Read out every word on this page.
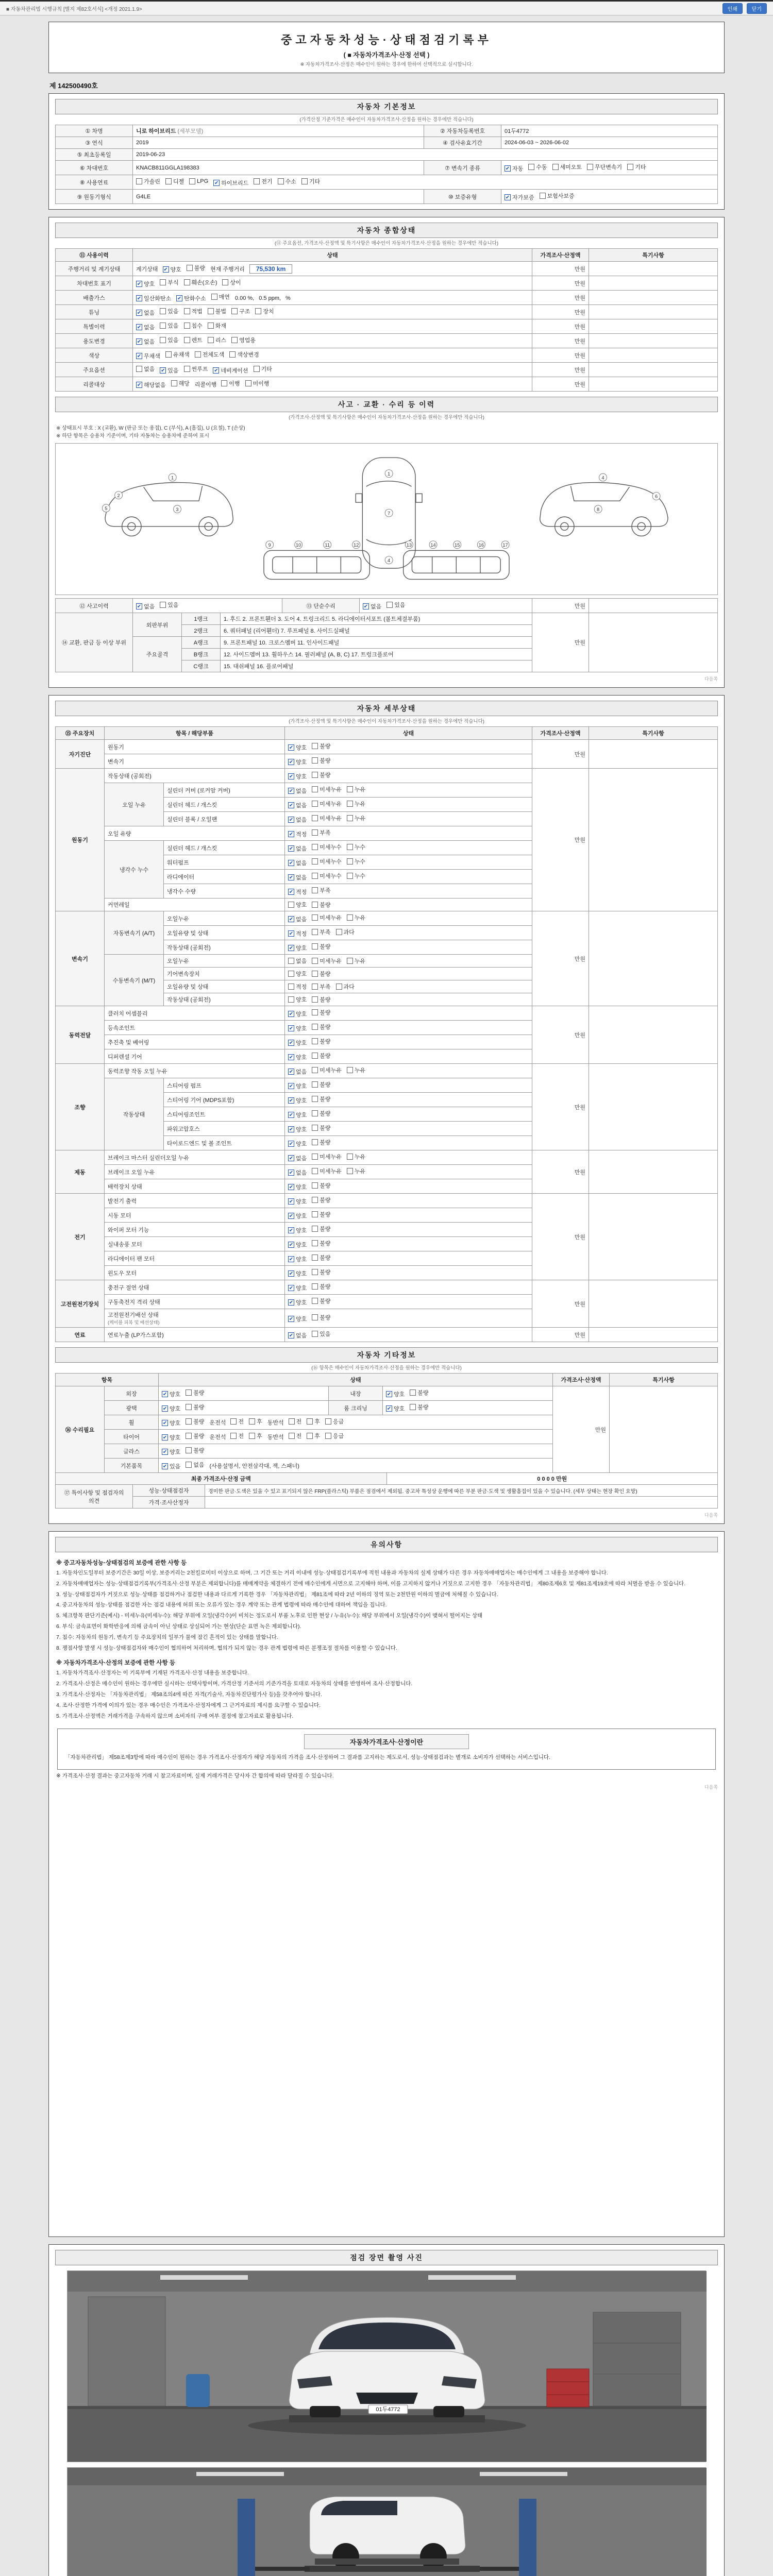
■ 자동차관리법 시행규칙 [별지 제82호서식] <개정 2021.1.9>	인쇄	닫기
중고자동차성능·상태점검기록부
( ■ 자동차가격조사·산정 선택 )
※ 자동차가격조사·산정은 매수인이 원하는 경우에 한하여 선택적으로 실시합니다.
제 142500490호
자동차 기본정보
(가격산정 기준가격은 매수인이 자동차가격조사·산정을 원하는 경우에만 적습니다)
① 차명	니로 하이브리드 (세부모델)	② 자동차등록번호	01두4772
③ 연식	2019	④ 검사유효기간	2024-06-03 ~ 2026-06-02
⑤ 최초등록일	2019-06-23		
⑥ 차대번호	KNACB811GGLA198383	⑦ 변속기 종류	✔ 자동 수동 세미오토 무단변속기 기타

⑧ 사용연료	가솔린 디젤 LPG ✔ 하이브리드 전기 수소 기타

⑨ 원동기형식	G4LE	⑩ 보증유형	✔ 자가보증 보험사보증
자동차 종합상태
(⑪ 주요옵션, 가격조사·산정액 및 특기사항은 매수인이 자동차가격조사·산정을 원하는 경우에만 적습니다)
⑪ 사용이력	상태	가격조사·산정액	특기사항
주행거리 및 계기상태	계기상태 ✔ 양호 불량 현재 주행거리 75,530 km	만원	
차대번호 표기	✔ 양호 부식 훼손(오손) 상이	만원	
배출가스	✔ 일산화탄소 ✔ 탄화수소 매연 0.00 %, 0.5 ppm, %	만원	
튜닝	✔ 없음 있음 적법 불법 구조 장치	만원	
특별이력	✔ 없음 있음 침수 화재	만원	
용도변경	✔ 없음 있음 렌트 리스 영업용	만원	
색상	✔ 무채색 유채색 전체도색 색상변경	만원	
주요옵션	없음 ✔ 있음 썬루프 ✔ 네비게이션 기타	만원	
리콜대상	✔ 해당없음 해당 리콜이행 이행 미이행	만원	
사고 · 교환 · 수리 등 이력
(가격조사·산정액 및 특기사항은 매수인이 자동차가격조사·산정을 원하는 경우에만 적습니다)
※ 상태표시 부호 : X (교환), W (판금 또는 용접), C (부식), A (흠집), U (요철), T (손상)
※ 하단 항목은 승용차 기준이며, 기타 자동차는 승용차에 준하여 표시
1
2
3
5
1
7
4
4
6
8
9	10	11	12	13	14	15	16	17
⑫ 사고이력	✔ 없음 있음	⑬ 단순수리	✔ 없음 있음	만원	
⑭ 교환, 판금 등 이상 부위	외판부위	1랭크	1. 후드 2. 프론트휀더 3. 도어 4. 트렁크리드 5. 라디에이터서포트 (볼트체결부품)	만원	
		2랭크	6. 쿼터패널 (리어휀더) 7. 루프패널 8. 사이드실패널		
	주요골격	A랭크	9. 프론트패널 10. 크로스멤버 11. 인사이드패널		
		B랭크	12. 사이드멤버 13. 휠하우스 14. 필러패널 (A, B, C) 17. 트렁크플로어		
		C랭크	15. 대쉬패널 16. 플로어패널		
다음쪽
자동차 세부상태
(가격조사·산정액 및 특기사항은 매수인이 자동차가격조사·산정을 원하는 경우에만 적습니다)
⑮ 주요장치	항목 / 해당부품		상태	가격조사·산정액	특기사항
자기진단	원동기		✔ 양호 불량	만원	
	변속기		✔ 양호 불량		

원동기	작동상태 (공회전)		✔ 양호 불량	만원	
	오일 누유	실린더 커버 (로커암 커버)	✔ 없음 미세누유 누유		

		실린더 헤드 / 개스킷	✔ 없음 미세누유 누유		

		실린더 블록 / 오일팬	✔ 없음 미세누유 누유		

	오일 유량		✔ 적정 부족		

	냉각수 누수	실린더 헤드 / 개스킷	✔ 없음 미세누수 누수		

		워터펌프	✔ 없음 미세누수 누수		

		라디에이터	✔ 없음 미세누수 누수		

		냉각수 수량	✔ 적정 부족		

	커먼레일		양호 불량		

변속기	자동변속기 (A/T)	오일누유	✔ 없음 미세누유 누유	만원	
		오일유량 및 상태	✔ 적정 부족 과다		

		작동상태 (공회전)	✔ 양호 불량		

	수동변속기 (M/T)	오일누유	없음 미세누유 누유		

		기어변속장치	양호 불량		

		오일유량 및 상태	적정 부족 과다		

		작동상태 (공회전)	양호 불량		

동력전달	클러치 어셈블리		✔ 양호 불량	만원	
	등속조인트		✔ 양호 불량		

	추진축 및 베어링		✔ 양호 불량		

	디퍼렌셜 기어		✔ 양호 불량		

조향	동력조향 작동 오일 누유		✔ 없음 미세누유 누유	만원	
	작동상태	스티어링 펌프	✔ 양호 불량		

		스티어링 기어 (MDPS포함)	✔ 양호 불량		

		스티어링조인트	✔ 양호 불량		

		파워고압호스	✔ 양호 불량		

		타이로드엔드 및 볼 조인트	✔ 양호 불량		

제동	브레이크 마스터 실린더오일 누유		✔ 없음 미세누유 누유	만원	
	브레이크 오일 누유		✔ 없음 미세누유 누유		

	배력장치 상태		✔ 양호 불량		

전기	발전기 출력		✔ 양호 불량	만원	
	시동 모터		✔ 양호 불량		

	와이퍼 모터 기능		✔ 양호 불량		

	실내송풍 모터		✔ 양호 불량		

	라디에이터 팬 모터		✔ 양호 불량		

	윈도우 모터		✔ 양호 불량		

고전원전기장치	충전구 절연 상태		✔ 양호 불량	만원	
	구동축전지 격리 상태		✔ 양호 불량		

	고전원전기배선 상태
(케이블 피복 및 배선상태)		✔ 양호 불량		

연료	연료누출 (LP가스포함)		✔ 없음 있음	만원	
자동차 기타정보
(⑯ 항목은 매수인이 자동차가격조사·산정을 원하는 경우에만 적습니다)
항목		상태			가격조사·산정액	특기사항
⑯ 수리필요	외장	✔ 양호 불량	내장	✔ 양호 불량	만원	
	광택	✔ 양호 불량	룸 크리닝	✔ 양호 불량		

휠	✔ 양호 불량 운전석 전 후 동반석 전 후 응급

타이어	✔ 양호 불량 운전석 전 후 동반석 전 후 응급

	글라스	✔ 양호 불량				

	기본품목	✔ 있음 없음 (사용설명서, 안전삼각대, 잭, 스패너)				
최종 가격조사·산정 금액	0 0 0 0 만원
⑰ 특이사항 및 점검자의 의견	성능·상태점검자	경미한 판금·도색은 있을 수 있고 표기되지 않은 FRP(플라스틱) 부품은 점검에서 제외됨. 중고차 특성상 운행에 따른 부분 판금·도색 및 생활흠집이 있을 수 있습니다. (세부 상태는 현장 확인 요망)
	가격·조사산정자	
다음쪽
유의사항
※ 중고자동차성능·상태점검의 보증에 관한 사항 등
1. 자동차인도일부터 보증기간은 30일 이상, 보증거리는 2천킬로미터 이상으로 하며, 그 기간 또는 거리 이내에 성능·상태점검기록부에 적힌 내용과 자동차의 실제 상태가 다른 경우 자동차매매업자는 매수인에게 그 내용을 보증해야 합니다.
2. 자동차매매업자는 성능·상태점검기록부(가격조사·산정 부분은 제외합니다)를 매매계약을 체결하기 전에 매수인에게 서면으로 고지해야 하며, 이를 고지하지 않거나 거짓으로 고지한 경우 「자동차관리법」 제80조제6호 및 제81조제19호에 따라 처벌을 받을 수 있습니다.
3. 성능·상태점검자가 거짓으로 성능·상태를 점검하거나 점검한 내용과 다르게 기록한 경우 「자동차관리법」 제81조에 따라 2년 이하의 징역 또는 2천만원 이하의 벌금에 처해질 수 있습니다.
4. 중고자동차의 성능·상태를 점검한 자는 점검 내용에 허위 또는 오류가 있는 경우 계약 또는 관계 법령에 따라 매수인에 대하여 책임을 집니다.
5. 체크항목 판단기준(예시) - 미세누유(미세누수): 해당 부위에 오일(냉각수)이 비치는 정도로서 부품 노후로 인한 현상 / 누유(누수): 해당 부위에서 오일(냉각수)이 맺혀서 떨어지는 상태
6. 부식: 금속표면이 화학반응에 의해 금속이 아닌 상태로 상실되어 가는 현상(단순 표면 녹은 제외합니다).
7. 침수: 자동차의 원동기, 변속기 등 주요장치의 일부가 물에 잠긴 흔적이 있는 상태를 말합니다.
8. 쟁점사항 발생 시 성능·상태점검자와 매수인이 협의하여 처리하며, 협의가 되지 않는 경우 관계 법령에 따른 분쟁조정 절차를 이용할 수 있습니다.
※ 자동차가격조사·산정의 보증에 관한 사항 등
1. 자동차가격조사·산정자는 이 기록부에 기재된 가격조사·산정 내용을 보증합니다.
2. 가격조사·산정은 매수인이 원하는 경우에만 실시하는 선택사항이며, 가격산정 기준서의 기준가격을 토대로 자동차의 상태를 반영하여 조사·산정합니다.
3. 가격조사·산정자는 「자동차관리법」 제58조의4에 따른 자격(기술사, 자동차진단평가사 등)을 갖추어야 합니다.
4. 조사·산정한 가격에 이의가 있는 경우 매수인은 가격조사·산정자에게 그 근거자료의 제시를 요구할 수 있습니다.
5. 가격조사·산정액은 거래가격을 구속하지 않으며 소비자의 구매 여부 결정에 참고자료로 활용됩니다.
자동차가격조사·산정이란
「자동차관리법」 제58조제3항에 따라 매수인이 원하는 경우 가격조사·산정자가 해당 자동차의 가격을 조사·산정하여 그 결과를 고지하는 제도로서, 성능·상태점검과는 별개로 소비자가 선택하는 서비스입니다.
※ 가격조사·산정 결과는 중고자동차 거래 시 참고자료이며, 실제 거래가격은 당사자 간 합의에 따라 달라질 수 있습니다.
다음쪽
점검 장면 촬영 사진
01두4772
